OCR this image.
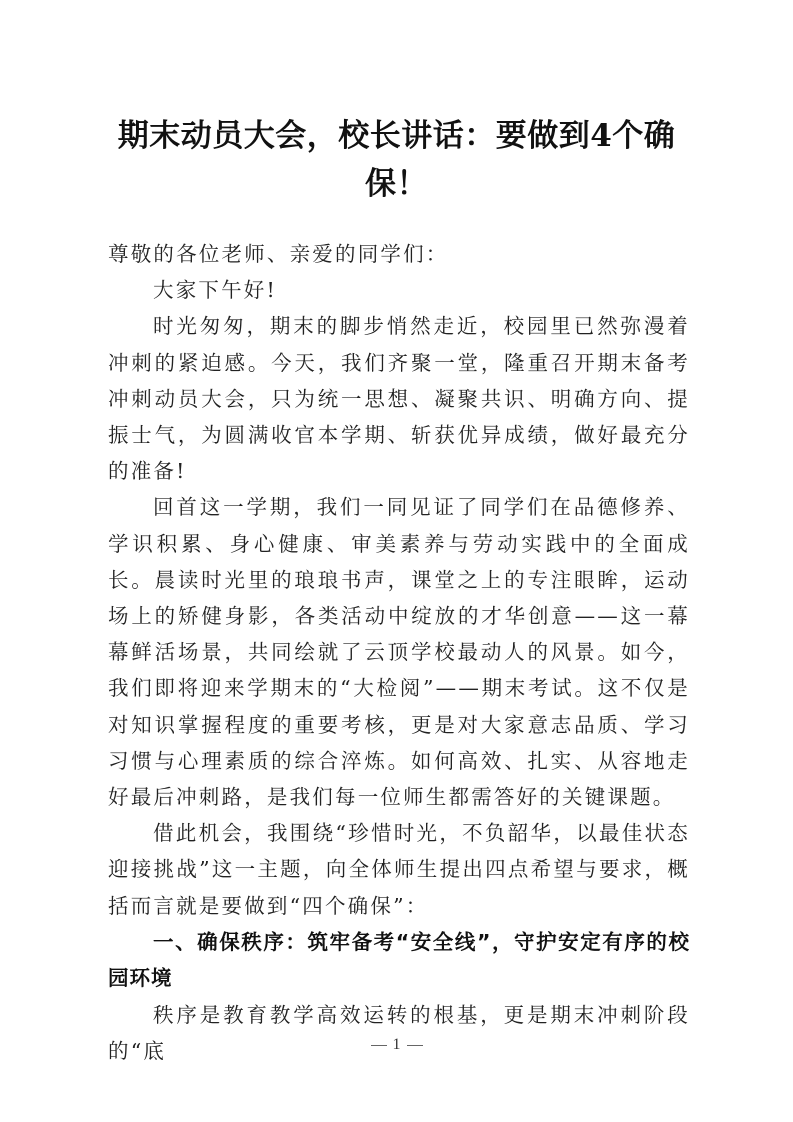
期末动员大会，校长讲话：要做到4个确保！

尊敬的各位老师、亲爱的同学们：

大家下午好!

时光匆匆，期末的脚步悄然走近，校园里已然弥漫着冲刺的紧迫感。今天，我们齐聚一堂，隆重召开期末备考冲刺动员大会，只为统一思想、凝聚共识、明确方向、提振士气，为圆满收官本学期、斩获优异成绩，做好最充分的准备!

回首这一学期，我们一同见证了同学们在品德修养、学识积累、身心健康、审美素养与劳动实践中的全面成长。晨读时光里的琅琅书声，课堂之上的专注眼眸，运动场上的矫健身影，各类活动中绽放的才华创意——这一幕幕鲜活场景，共同绘就了云顶学校最动人的风景。如今，我们即将迎来学期末的“大检阅”——期末考试。这不仅是对知识掌握程度的重要考核，更是对大家意志品质、学习习惯与心理素质的综合淬炼。如何高效、扎实、从容地走好最后冲刺路，是我们每一位师生都需答好的关键课题。

借此机会，我围绕“珍惜时光，不负韶华，以最佳状态迎接挑战”这一主题，向全体师生提出四点希望与要求，概括而言就是要做到“四个确保”：

一、确保秩序：筑牢备考“安全线”，守护安定有序的校园环境

秩序是教育教学高效运转的根基，更是期末冲刺阶段的“底	1
